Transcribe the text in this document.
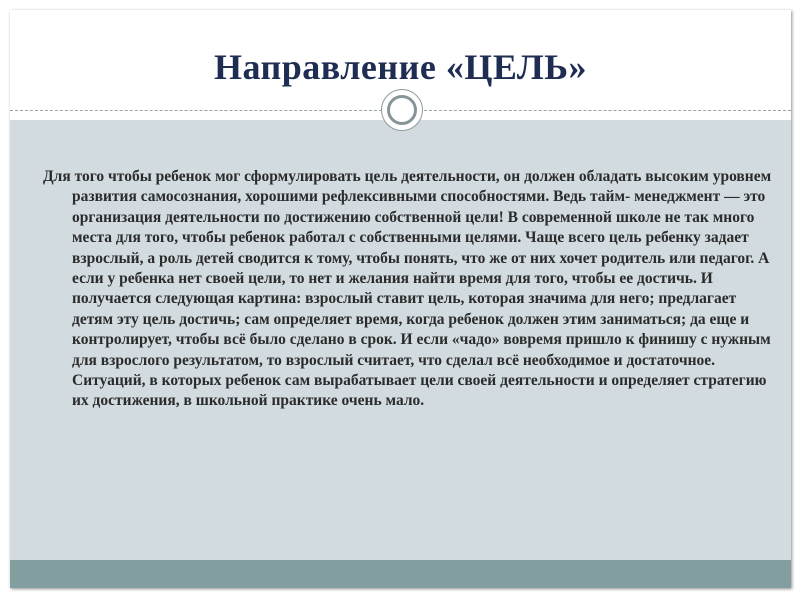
Направление «ЦЕЛЬ»

Для того чтобы ребенок мог сформулировать цель деятельности, он должен обладать высоким уровнем развития самосознания, хорошими рефлексивными способностями. Ведь тайм- менеджмент — это организация деятельности по достижению собственной цели! В современной школе не так много места для того, чтобы ребенок работал с собственными целями. Чаще всего цель ребенку задает взрослый, а роль детей сводится к тому, чтобы понять, что же от них хочет родитель или педагог. А если у ребенка нет своей цели, то нет и желания найти время для того, чтобы ее достичь. И получается следующая картина: взрослый ставит цель, которая значима для него; предлагает детям эту цель достичь; сам определяет время, когда ребенок должен этим заниматься; да еще и контролирует, чтобы всё было сделано в срок. И если «чадо» вовремя пришло к финишу с нужным для взрослого результатом, то взрослый считает, что сделал всё необходимое и достаточное. Ситуаций, в которых ребенок сам вырабатывает цели своей деятельности и определяет стратегию их достижения, в школьной практике очень мало.
